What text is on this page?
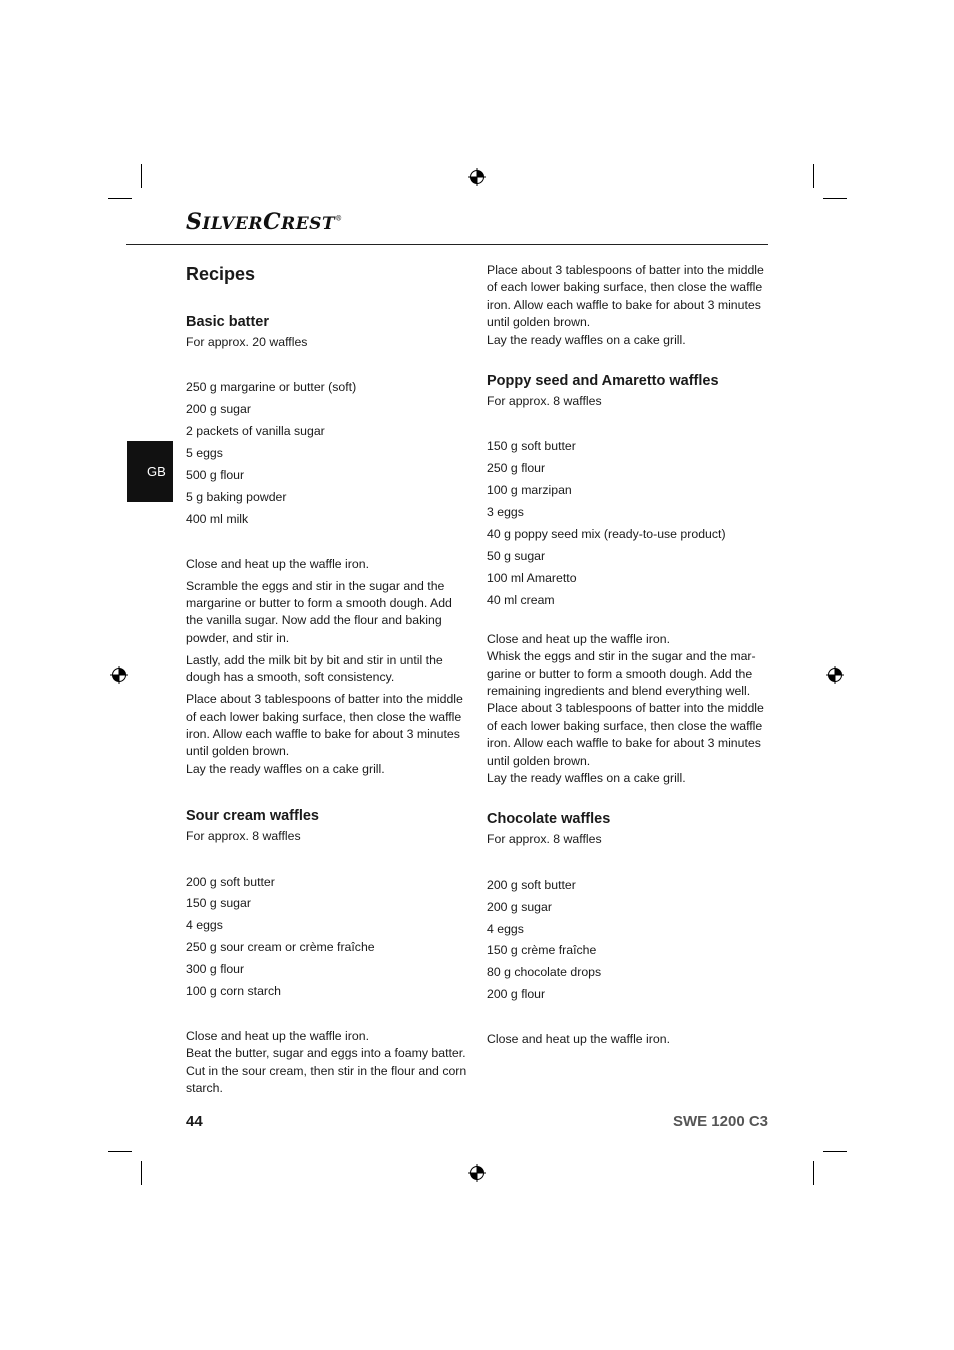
SILVERCREST®
GB
Recipes
Basic batter

For approx. 20 waffles

250 g margarine or butter (soft)
200 g sugar
2 packets of vanilla sugar
5 eggs
500 g flour
5 g baking powder
400 ml milk

Close and heat up the waffle iron.

Scramble the eggs and stir in the sugar and the margarine or butter to form a smooth dough. Add the vanilla sugar. Now add the flour and baking powder, and stir in.

Lastly, add the milk bit by bit and stir in until the dough has a smooth, soft consistency.

Place about 3 tablespoons of batter into the middle of each lower baking surface, then close the waffle iron. Allow each waffle to bake for about 3 minutes until golden brown.

Lay the ready waffles on a cake grill.

Sour cream waffles

For approx. 8 waffles

200 g soft butter
150 g sugar
4 eggs
250 g sour cream or crème fraîche
300 g flour
100 g corn starch

Close and heat up the waffle iron.

Beat the butter, sugar and eggs into a foamy batter. Cut in the sour cream, then stir in the flour and corn starch.

Place about 3 tablespoons of batter into the middle of each lower baking surface, then close the waffle iron. Allow each waffle to bake for about 3 minutes until golden brown.

Lay the ready waffles on a cake grill.

Poppy seed and Amaretto waffles

For approx. 8 waffles

150 g soft butter
250 g flour
100 g marzipan
3 eggs
40 g poppy seed mix (ready-to-use product)
50 g sugar
100 ml Amaretto
40 ml cream

Close and heat up the waffle iron.

Whisk the eggs and stir in the sugar and the mar-garine or butter to form a smooth dough. Add the remaining ingredients and blend everything well.

Place about 3 tablespoons of batter into the middle of each lower baking surface, then close the waffle iron. Allow each waffle to bake for about 3 minutes until golden brown.

Lay the ready waffles on a cake grill.

Chocolate waffles

For approx. 8 waffles

200 g soft butter
200 g sugar
4 eggs
150 g crème fraîche
80 g chocolate drops
200 g flour

Close and heat up the waffle iron.

44	SWE 1200 C3
